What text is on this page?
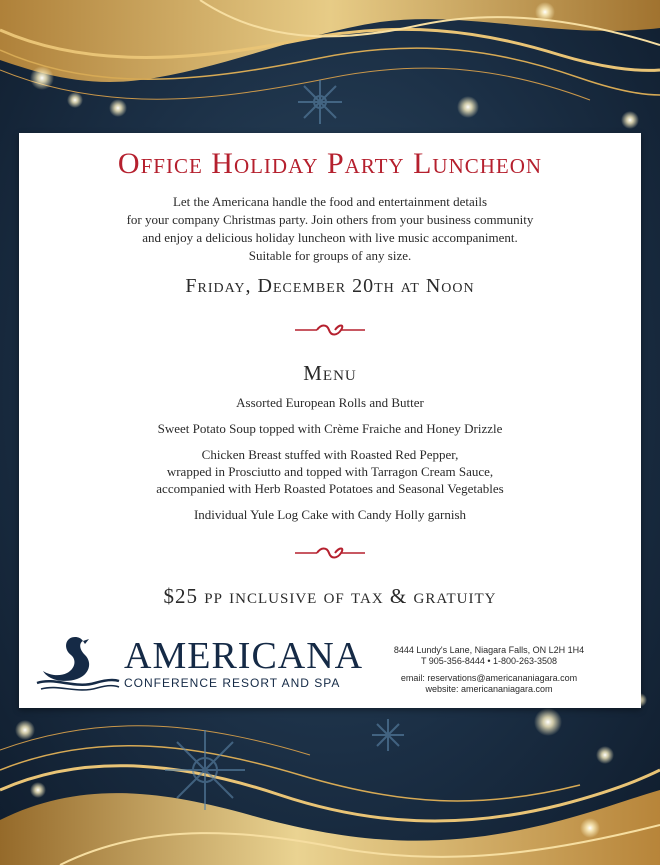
Office Holiday Party Luncheon
Let the Americana handle the food and entertainment details
for your company Christmas party. Join others from your business community
and enjoy a delicious holiday luncheon with live music accompaniment.
Suitable for groups of any size.
Friday, December 20th at Noon
Menu
Assorted European Rolls and Butter
Sweet Potato Soup topped with Crème Fraiche and Honey Drizzle
Chicken Breast stuffed with Roasted Red Pepper,
wrapped in Prosciutto and topped with Tarragon Cream Sauce,
accompanied with Herb Roasted Potatoes and Seasonal Vegetables
Individual Yule Log Cake with Candy Holly garnish
$25 pp inclusive of tax & gratuity
AMERICANA
CONFERENCE RESORT AND SPA
8444 Lundy's Lane, Niagara Falls, ON L2H 1H4
T 905-356-8444 • 1-800-263-3508
email: reservations@americananiagara.com
website: americananiagara.com
